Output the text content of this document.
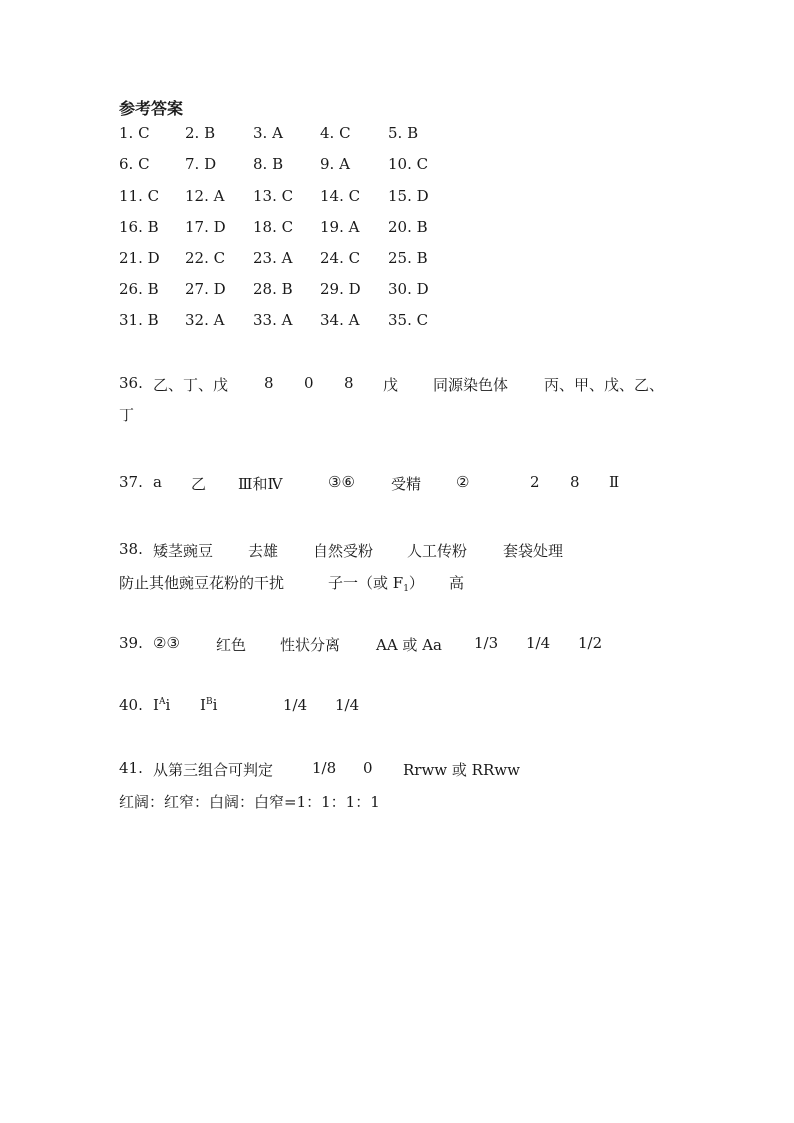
参考答案
1. C 2. B	3. A 4. C 5. B
6. C 7. D 8. B 9. A	10. C
11. C 12. A 13. C 14. C 15. D
16. B 17. D 18. C 19. A 20. B
21. D 22. C 23. A 24. C 25. B
26. B 27. D 28. B 29. D 30. D
31. B 32. A 33. A 34. A 35. C
36. 乙、丁、戊 8 0 8 戊 同源染色体 丙、甲、戊、乙、
丁
37. a 乙 Ⅲ和Ⅳ	③⑥ 受精 ②	2 8 Ⅱ
38. 矮茎豌豆 去雄 自然受粉 人工传粉 套袋处理
防止其他豌豆花粉的干扰	子一（或 $F_1$） 高
39. ②③ 红色 性状分离 AA 或 Aa 1/3 1/4 1/2
40. $I^Ai$ $I^Bi$	1/4 1/4
41. 从第三组合可判定	1/8 0 Rrww 或 RRww
红阔：红窄：白阔：白窄=1：1：1：1
